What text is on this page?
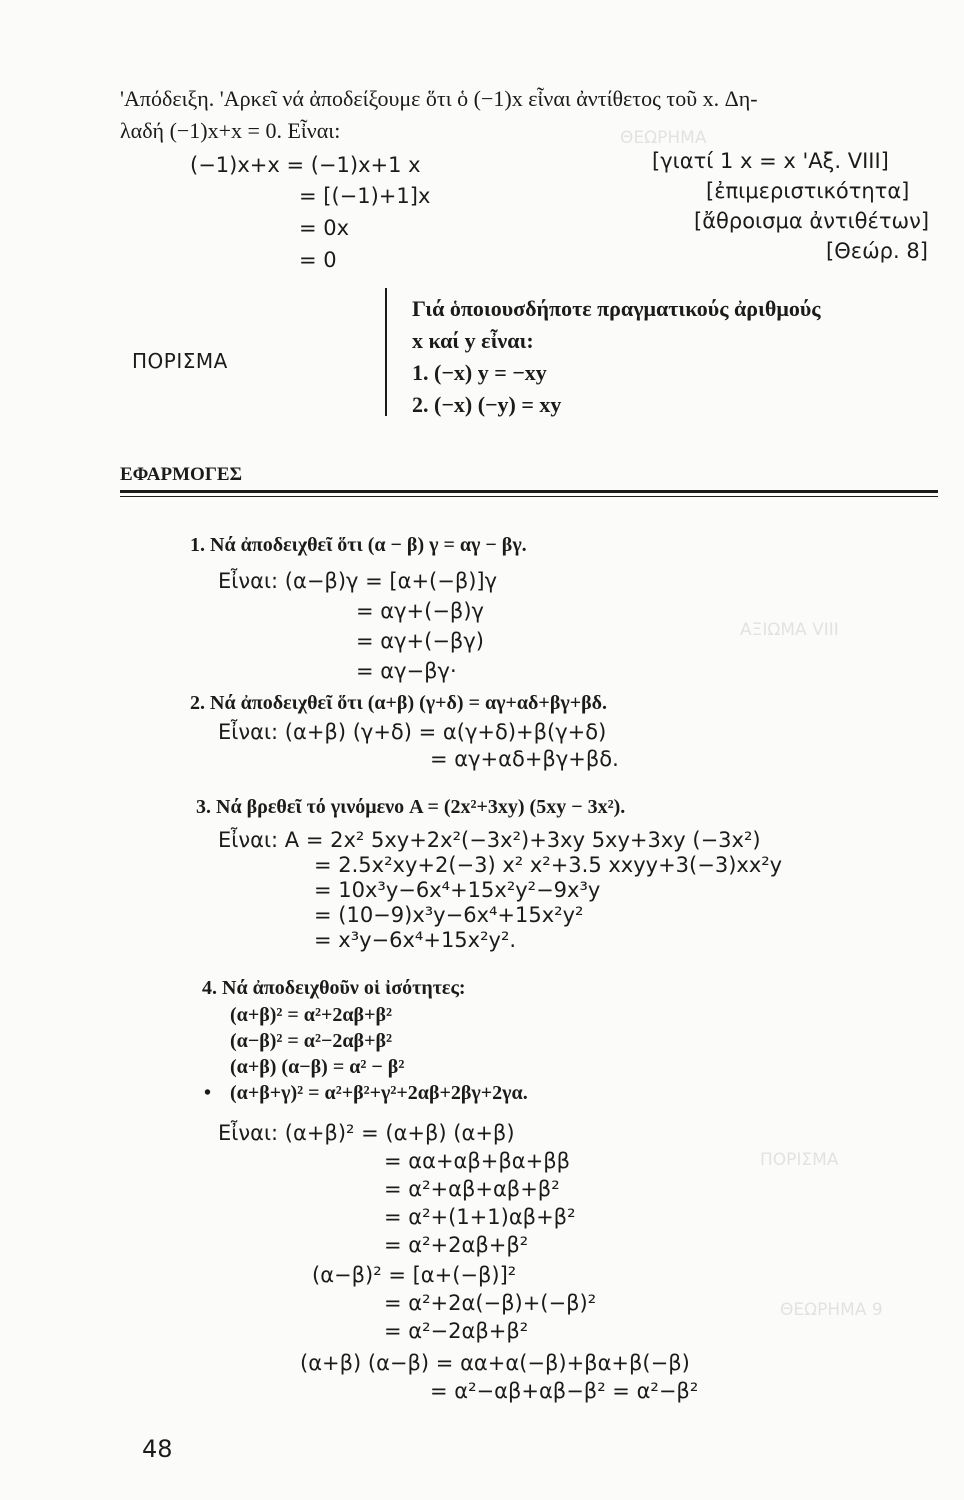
ΘΕΩΡΗΜΑ
ΑΞΙΩΜΑ VIII
ΠΟΡΙΣΜΑ
ΘΕΩΡΗΜΑ 9
'Απόδειξη. 'Αρκεῖ νά ἀποδείξουμε ὅτι ὁ (−1)x εἶναι ἀντίθετος τοῦ x. Δη-
λαδή (−1)x+x = 0. Εἶναι:
(−1)x+x = (−1)x+1 x	[γιατί 1 x = x 'Αξ. VIII]
= [(−1)+1]x	[ἐπιμεριστικότητα]
= 0x	[ἄθροισμα ἀντιθέτων]
= 0	[Θεώρ. 8]
ΠΟΡΙΣΜΑ
Γιά ὁποιουσδήποτε πραγματικούς ἀριθμούς
x καί y εἶναι:
1. (−x) y = −xy
2. (−x) (−y) = xy
ΕΦΑΡΜΟΓΕΣ
1. Νά ἀποδειχθεῖ ὅτι (α − β) γ = αγ − βγ.
Εἶναι: (α−β)γ = [α+(−β)]γ
= αγ+(−β)γ
= αγ+(−βγ)
= αγ−βγ·
2. Νά ἀποδειχθεῖ ὅτι (α+β) (γ+δ) = αγ+αδ+βγ+βδ.
Εἶναι: (α+β) (γ+δ) = α(γ+δ)+β(γ+δ)
= αγ+αδ+βγ+βδ.
3. Νά βρεθεῖ τό γινόμενο A = (2x²+3xy) (5xy − 3x²).
Εἶναι: A = 2x² 5xy+2x²(−3x²)+3xy 5xy+3xy (−3x²)
= 2.5x²xy+2(−3) x² x²+3.5 xxyy+3(−3)xx²y
= 10x³y−6x⁴+15x²y²−9x³y
= (10−9)x³y−6x⁴+15x²y²
= x³y−6x⁴+15x²y².
4. Νά ἀποδειχθοῦν οἱ ἰσότητες:
(α+β)² = α²+2αβ+β²
(α−β)² = α²−2αβ+β²
(α+β) (α−β) = α² − β²
• (α+β+γ)² = α²+β²+γ²+2αβ+2βγ+2γα.
Εἶναι: (α+β)² = (α+β) (α+β)
= αα+αβ+βα+ββ
= α²+αβ+αβ+β²
= α²+(1+1)αβ+β²
= α²+2αβ+β²
(α−β)² = [α+(−β)]²
= α²+2α(−β)+(−β)²
= α²−2αβ+β²
(α+β) (α−β) = αα+α(−β)+βα+β(−β)
= α²−αβ+αβ−β² = α²−β²
48
